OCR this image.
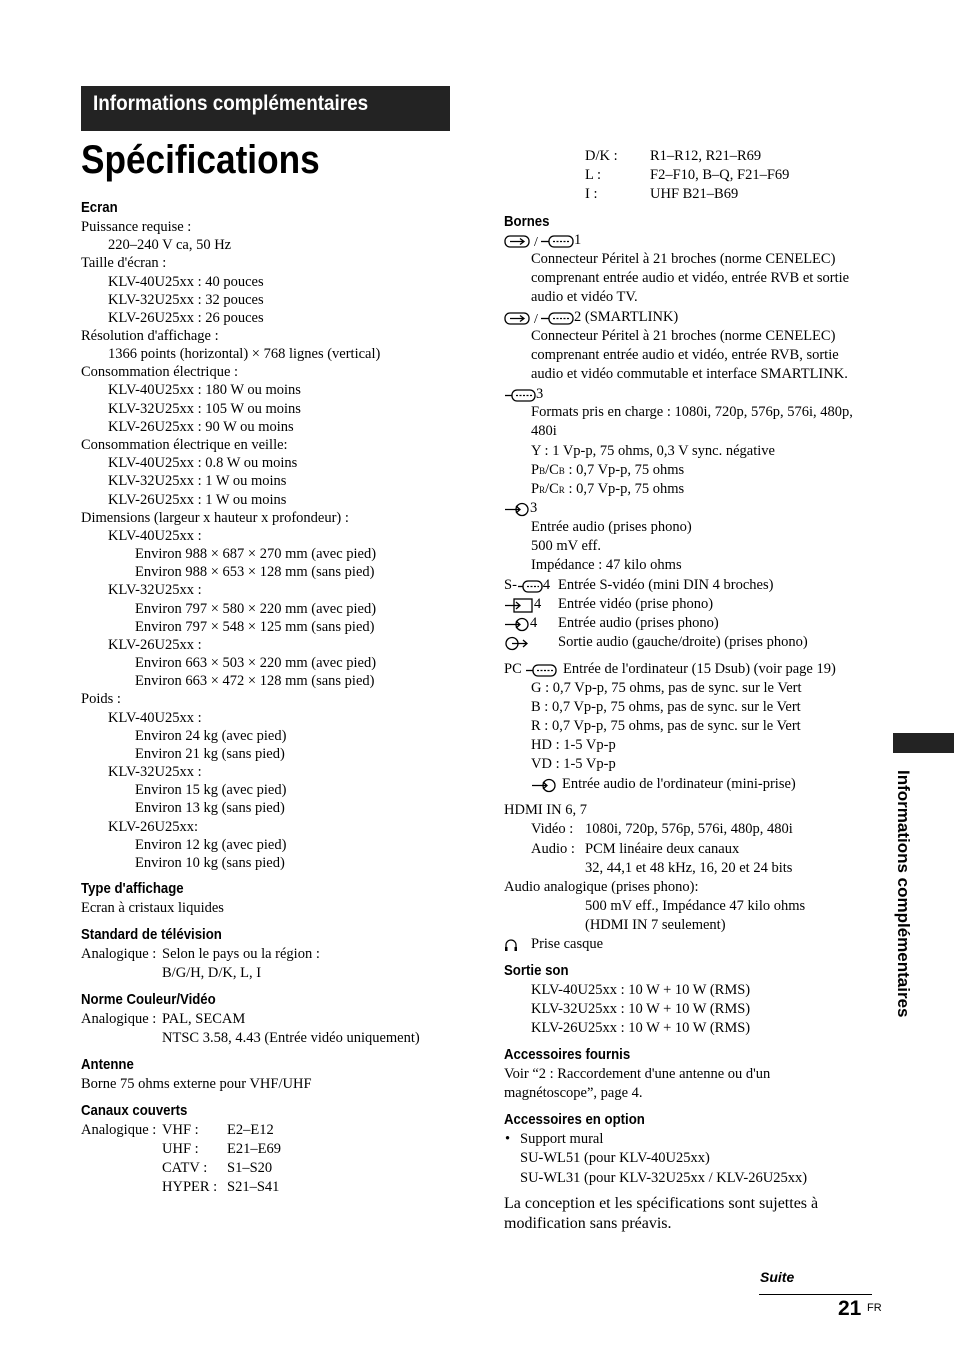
Informations complémentaires
Spécifications
Informations complémentaires
Ecran
Puissance requise :
220–240 V ca, 50 Hz
Taille d'écran :
KLV-40U25xx : 40 pouces
KLV-32U25xx : 32 pouces
KLV-26U25xx : 26 pouces
Résolution d'affichage :
1366 points (horizontal) × 768 lignes (vertical)
Consommation électrique :
KLV-40U25xx : 180 W ou moins
KLV-32U25xx : 105 W ou moins
KLV-26U25xx : 90 W ou moins
Consommation électrique en veille:
KLV-40U25xx : 0.8 W ou moins
KLV-32U25xx : 1 W ou moins
KLV-26U25xx : 1 W ou moins
Dimensions (largeur x hauteur x profondeur) :
KLV-40U25xx :
Environ 988 × 687 × 270 mm (avec pied)
Environ 988 × 653 × 128 mm (sans pied)
KLV-32U25xx :
Environ 797 × 580 × 220 mm (avec pied)
Environ 797 × 548 × 125 mm (sans pied)
KLV-26U25xx :
Environ 663 × 503 × 220 mm (avec pied)
Environ 663 × 472 × 128 mm (sans pied)
Poids :
KLV-40U25xx :
Environ 24 kg (avec pied)
Environ 21 kg (sans pied)
KLV-32U25xx :
Environ 15 kg (avec pied)
Environ 13 kg (sans pied)
KLV-26U25xx:
Environ 12 kg (avec pied)
Environ 10 kg (sans pied)
Type d'affichage
Ecran à cristaux liquides
Standard de télévision
Analogique : Selon le pays ou la région :
B/G/H, D/K, L, I
Norme Couleur/Vidéo
Analogique : PAL, SECAM
NTSC 3.58, 4.43 (Entrée vidéo uniquement)
Antenne
Borne 75 ohms externe pour VHF/UHF
Canaux couverts
Analogique : VHF : E2–E12
UHF : E21–E69
CATV : S1–S20
HYPER : S21–S41
D/K : R1–R12, R21–R69
L :	F2–F10, B–Q, F21–F69
I :	UHF B21–B69
Bornes
/ 1
Connecteur Péritel à 21 broches (norme CENELEC)
comprenant entrée audio et vidéo, entrée RVB et sortie
audio et vidéo TV.
/ 2 (SMARTLINK)
Connecteur Péritel à 21 broches (norme CENELEC)
comprenant entrée audio et vidéo, entrée RVB, sortie
audio et vidéo commutable et interface SMARTLINK.
3
Formats pris en charge : 1080i, 720p, 576p, 576i, 480p,
480i
Y : 1 Vp-p, 75 ohms, 0,3 V sync. négative
PB/CB : 0,7 Vp-p, 75 ohms
PR/CR : 0,7 Vp-p, 75 ohms
3
Entrée audio (prises phono)
500 mV eff.
Impédance : 47 kilo ohms
S- 4 Entrée S-vidéo (mini DIN 4 broches)
4 Entrée vidéo (prise phono)
4 Entrée audio (prises phono)
Sortie audio (gauche/droite) (prises phono)
PC	Entrée de l'ordinateur (15 Dsub) (voir page 19)
G : 0,7 Vp-p, 75 ohms, pas de sync. sur le Vert
B : 0,7 Vp-p, 75 ohms, pas de sync. sur le Vert
R : 0,7 Vp-p, 75 ohms, pas de sync. sur le Vert
HD : 1-5 Vp-p
VD : 1-5 Vp-p
Entrée audio de l'ordinateur (mini-prise)
HDMI IN 6, 7
Vidéo : 1080i, 720p, 576p, 576i, 480p, 480i
Audio : PCM linéaire deux canaux
32, 44,1 et 48 kHz, 16, 20 et 24 bits
Audio analogique (prises phono):
500 mV eff., Impédance 47 kilo ohms
(HDMI IN 7 seulement)
Prise casque
Sortie son
KLV-40U25xx : 10 W + 10 W (RMS)
KLV-32U25xx : 10 W + 10 W (RMS)
KLV-26U25xx : 10 W + 10 W (RMS)
Accessoires fournis
Voir “2 : Raccordement d'une antenne ou d'un
magnétoscope”, page 4.
Accessoires en option
• Support mural
SU-WL51 (pour KLV-40U25xx)
SU-WL31 (pour KLV-32U25xx / KLV-26U25xx)
La conception et les spécifications sont sujettes à
modification sans préavis.
Suite
21 FR
